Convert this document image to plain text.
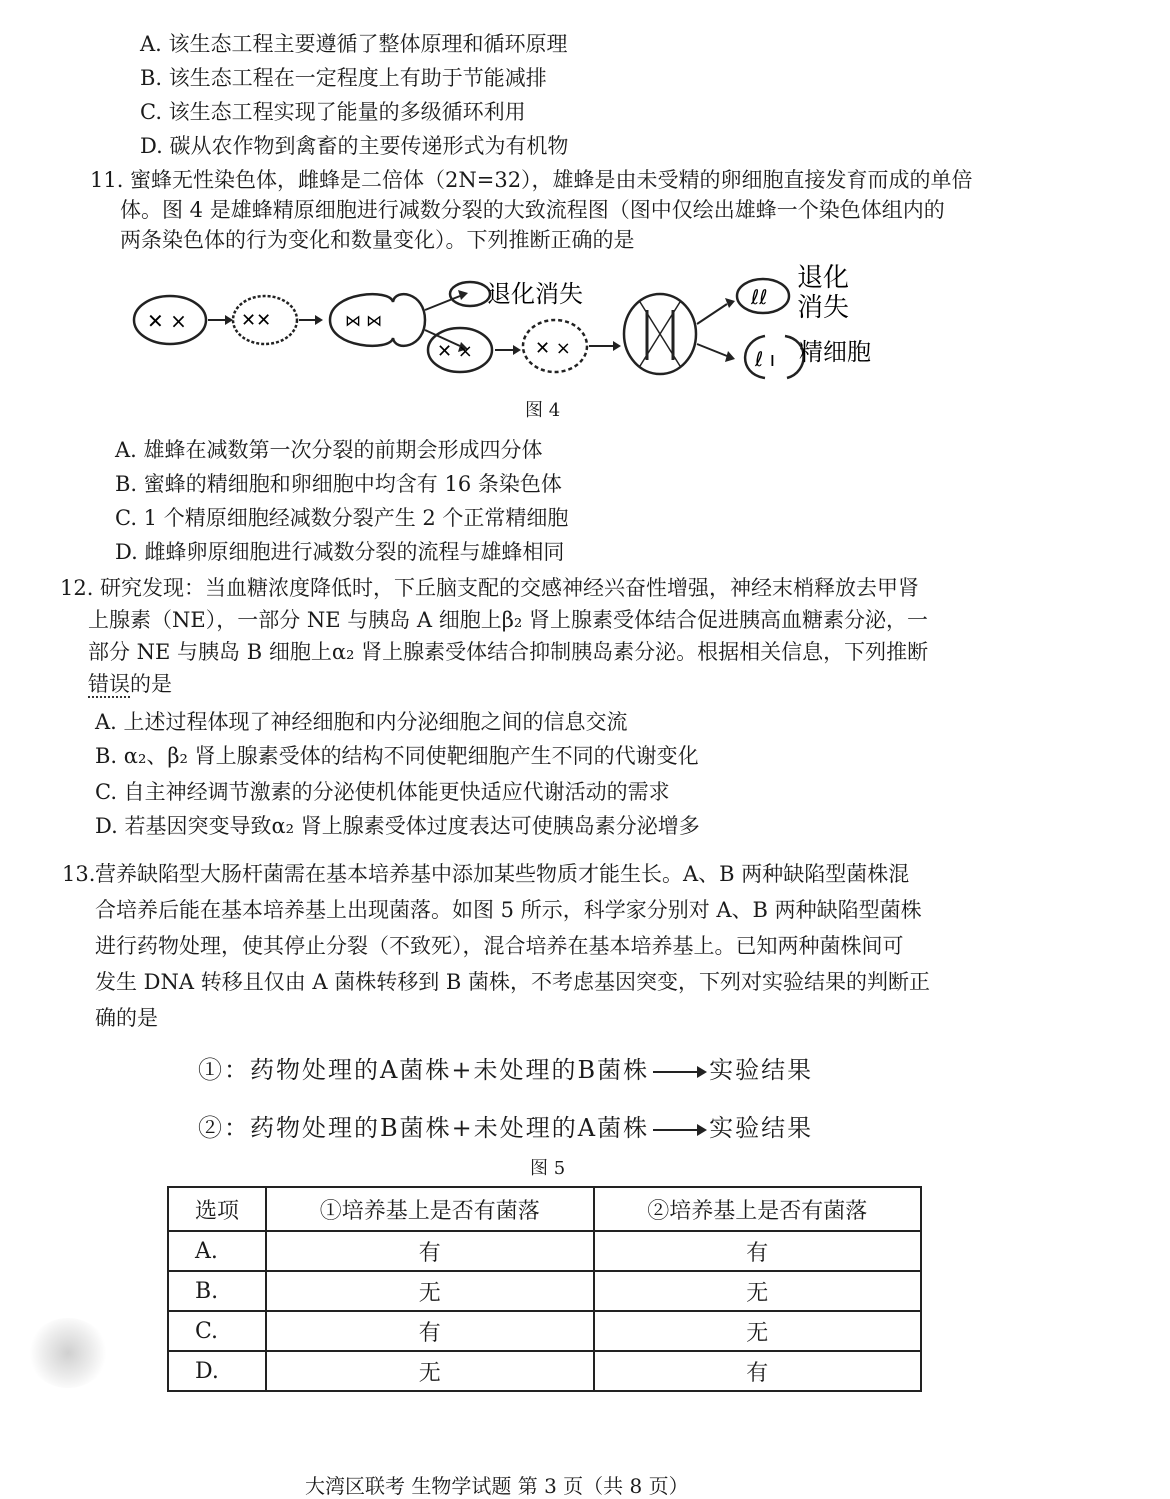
A. 该生态工程主要遵循了整体原理和循环原理
B. 该生态工程在一定程度上有助于节能减排
C. 该生态工程实现了能量的多级循环利用
D. 碳从农作物到禽畜的主要传递形式为有机物
11. 蜜蜂无性染色体，雌蜂是二倍体（2N=32），雄蜂是由未受精的卵细胞直接发育而成的单倍
体。图 4 是雄蜂精原细胞进行减数分裂的大致流程图（图中仅绘出雄蜂一个染色体组内的
两条染色体的行为变化和数量变化）。下列推断正确的是
✕ ×	✕✕	⋈ ⋈
退化消失
✕ ×	✕ ×
ℓℓ
退化
消失
ℓ ı 精细胞
图 4
A. 雄蜂在减数第一次分裂的前期会形成四分体
B. 蜜蜂的精细胞和卵细胞中均含有 16 条染色体
C. 1 个精原细胞经减数分裂产生 2 个正常精细胞
D. 雌蜂卵原细胞进行减数分裂的流程与雄蜂相同
12. 研究发现：当血糖浓度降低时，下丘脑支配的交感神经兴奋性增强，神经末梢释放去甲肾
上腺素（NE），一部分 NE 与胰岛 A 细胞上β₂ 肾上腺素受体结合促进胰高血糖素分泌，一
部分 NE 与胰岛 B 细胞上α₂ 肾上腺素受体结合抑制胰岛素分泌。根据相关信息，下列推断
错误的是
A. 上述过程体现了神经细胞和内分泌细胞之间的信息交流
B. α₂、β₂ 肾上腺素受体的结构不同使靶细胞产生不同的代谢变化
C. 自主神经调节激素的分泌使机体能更快适应代谢活动的需求
D. 若基因突变导致α₂ 肾上腺素受体过度表达可使胰岛素分泌增多
13. 营养缺陷型大肠杆菌需在基本培养基中添加某些物质才能生长。A、B 两种缺陷型菌株混
合培养后能在基本培养基上出现菌落。如图 5 所示，科学家分别对 A、B 两种缺陷型菌株
进行药物处理，使其停止分裂（不致死），混合培养在基本培养基上。已知两种菌株间可
发生 DNA 转移且仅由 A 菌株转移到 B 菌株，不考虑基因突变，下列对实验结果的判断正
确的是
①：药物处理的A菌株+未处理的B菌株	实验结果
②：药物处理的B菌株+未处理的A菌株	实验结果
图 5
选项	①培养基上是否有菌落	②培养基上是否有菌落
A.	有	有
B.	无	无
C.	有	无
D.	无	有
大湾区联考 生物学试题 第 3 页（共 8 页）
